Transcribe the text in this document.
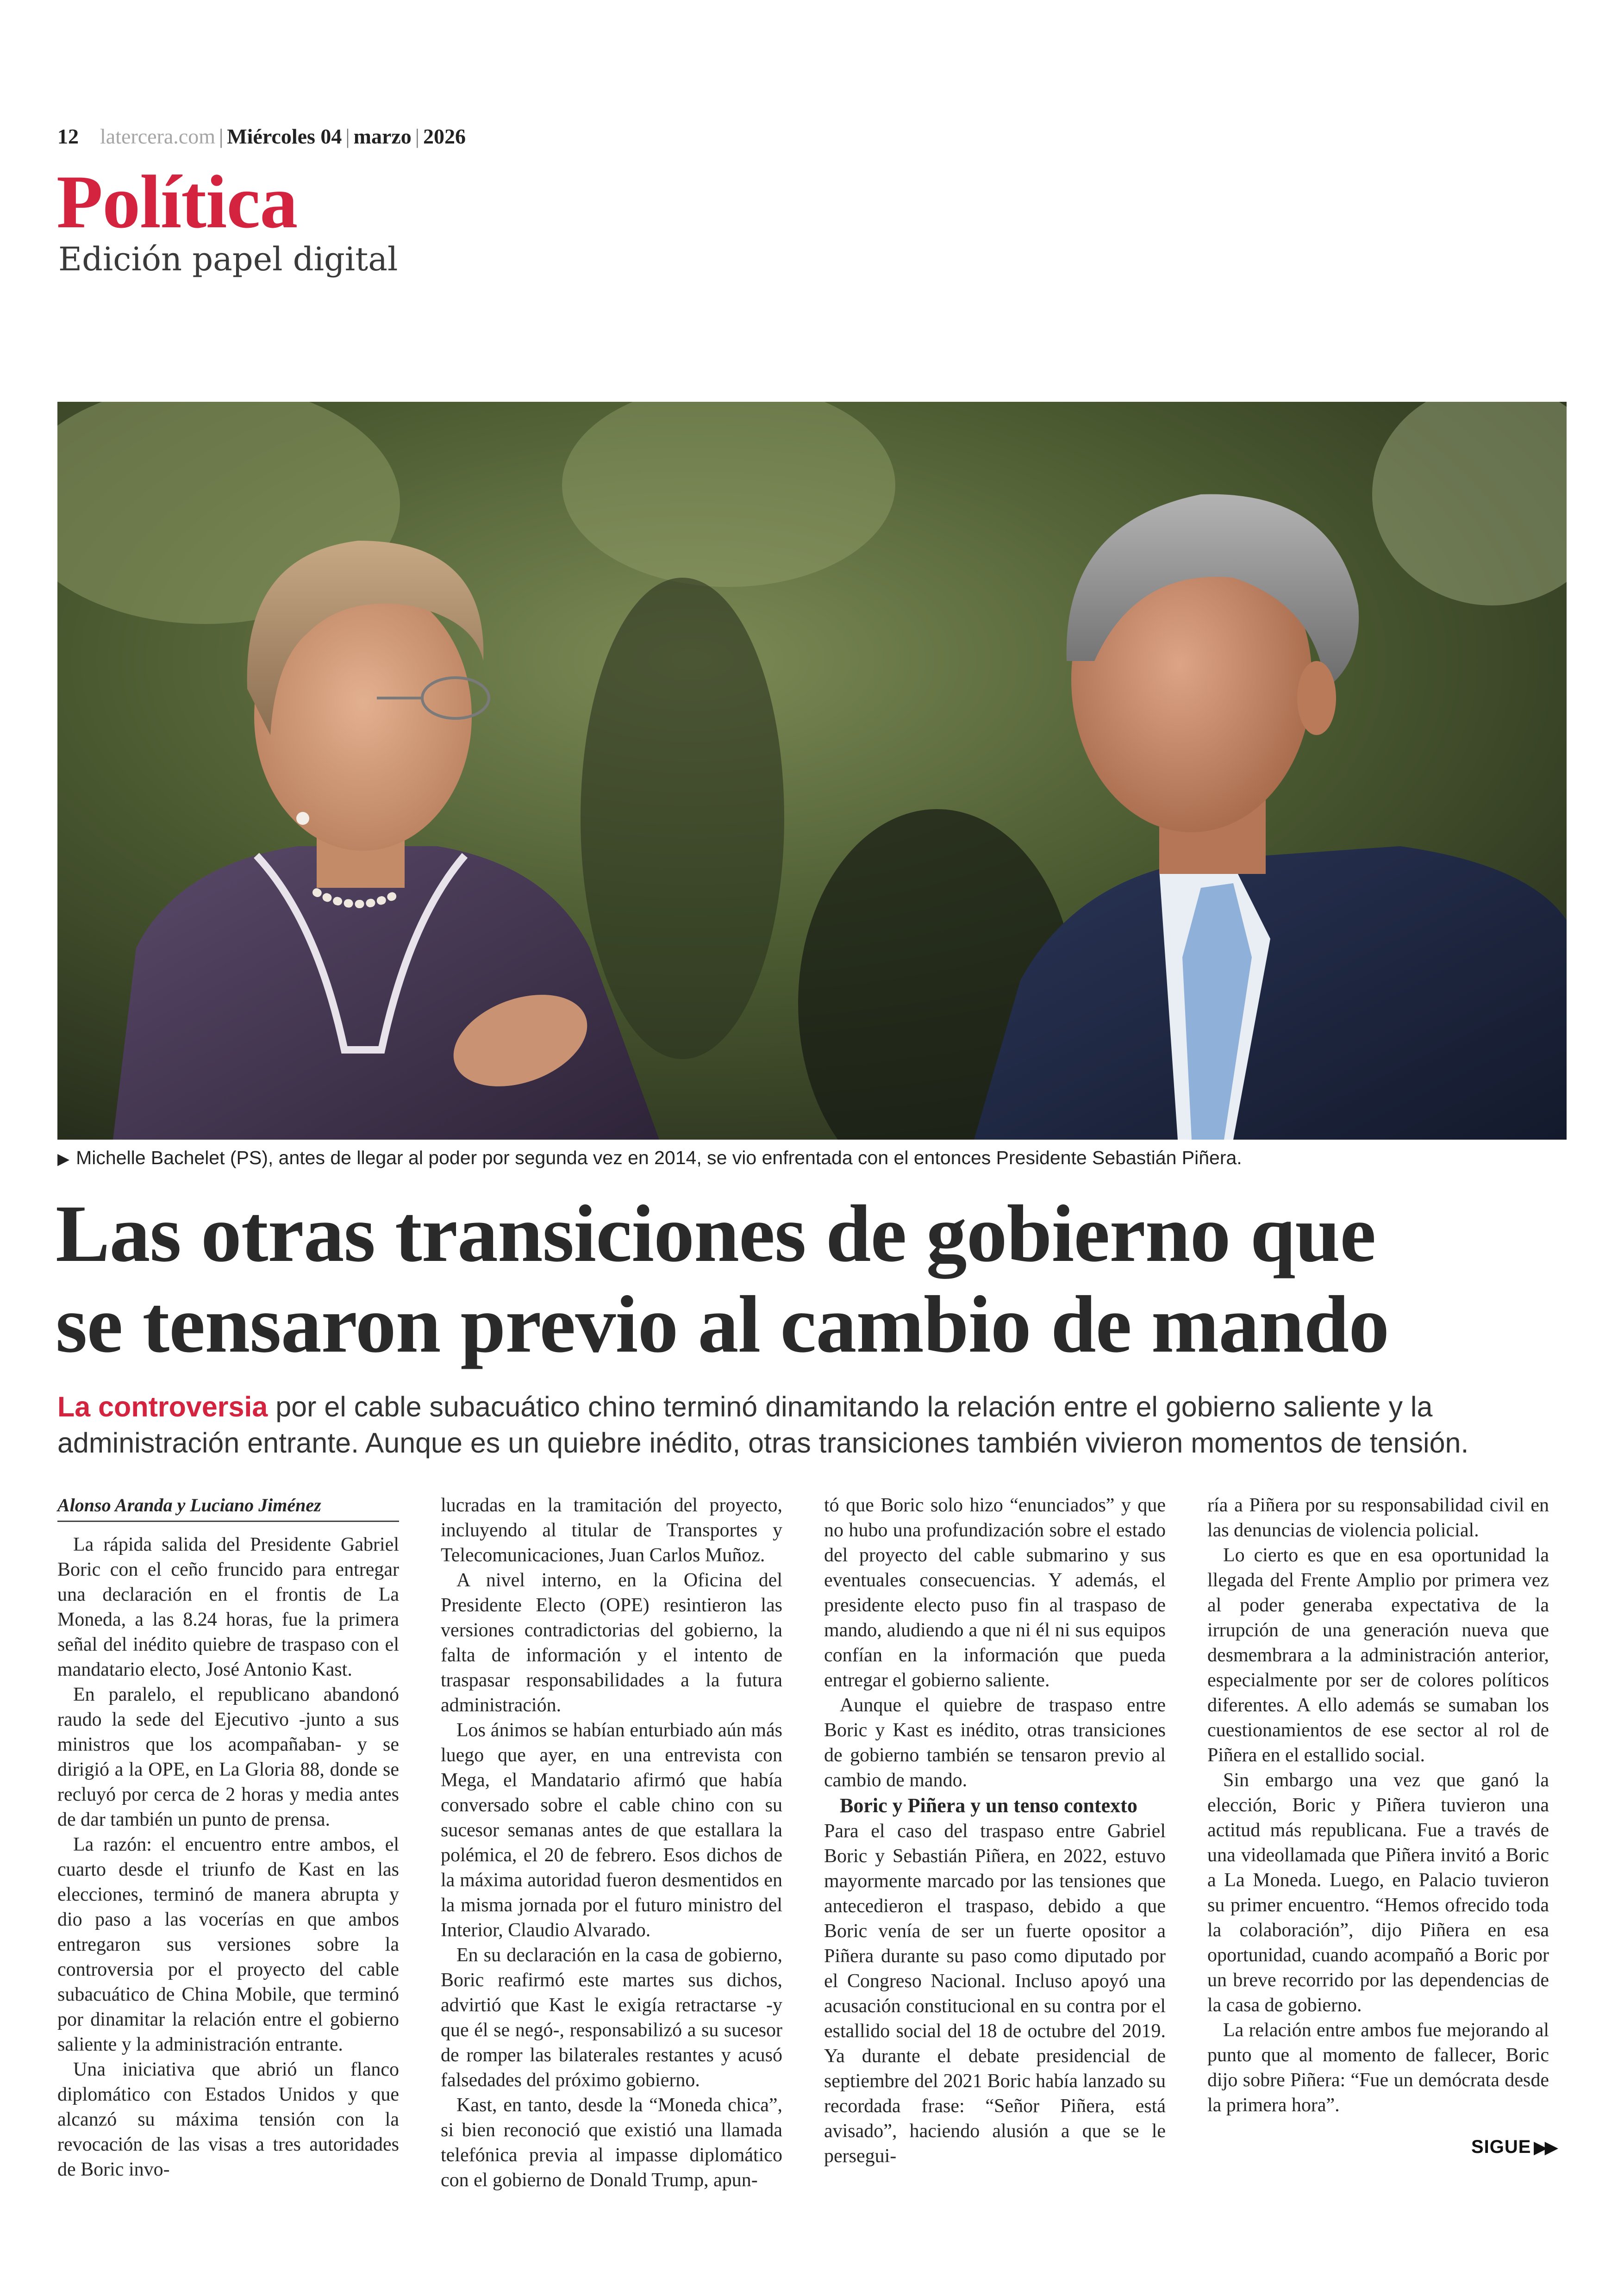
12 latercera.com | Miércoles 04 | marzo | 2026
Política
Edición papel digital
▶ Michelle Bachelet (PS), antes de llegar al poder por segunda vez en 2014, se vio enfrentada con el entonces Presidente Sebastián Piñera.
Las otras transiciones de gobierno que
se tensaron previo al cambio de mando
La controversia por el cable subacuático chino terminó dinamitando la relación entre el gobierno saliente y la administración entrante. Aunque es un quiebre inédito, otras transiciones también vivieron momentos de tensión.
Alonso Aranda y Luciano Jiménez

La rápida salida del Presidente Gabriel Boric con el ceño fruncido para entregar una declaración en el frontis de La Moneda, a las 8.24 horas, fue la primera señal del inédito quiebre de traspaso con el mandatario electo, José Antonio Kast.

En paralelo, el republicano abandonó raudo la sede del Ejecutivo -junto a sus ministros que los acompañaban- y se dirigió a la OPE, en La Gloria 88, donde se recluyó por cerca de 2 horas y media antes de dar también un punto de prensa.

La razón: el encuentro entre ambos, el cuarto desde el triunfo de Kast en las elecciones, terminó de manera abrupta y dio paso a las vocerías en que ambos entregaron sus versiones sobre la controversia por el proyecto del cable subacuático de China Mobile, que terminó por dinamitar la relación entre el gobierno saliente y la administración entrante.

Una iniciativa que abrió un flanco diplomático con Estados Unidos y que alcanzó su máxima tensión con la revocación de las visas a tres autoridades de Boric invo-

lucradas en la tramitación del proyecto, incluyendo al titular de Transportes y Telecomunicaciones, Juan Carlos Muñoz.

A nivel interno, en la Oficina del Presidente Electo (OPE) resintieron las versiones contradictorias del gobierno, la falta de información y el intento de traspasar responsabilidades a la futura administración.

Los ánimos se habían enturbiado aún más luego que ayer, en una entrevista con Mega, el Mandatario afirmó que había conversado sobre el cable chino con su sucesor semanas antes de que estallara la polémica, el 20 de febrero. Esos dichos de la máxima autoridad fueron desmentidos en la misma jornada por el futuro ministro del Interior, Claudio Alvarado.

En su declaración en la casa de gobierno, Boric reafirmó este martes sus dichos, advirtió que Kast le exigía retractarse -y que él se negó-, responsabilizó a su sucesor de romper las bilaterales restantes y acusó falsedades del próximo gobierno.

Kast, en tanto, desde la “Moneda chica”, si bien reconoció que existió una llamada telefónica previa al impasse diplomático con el gobierno de Donald Trump, apun-

tó que Boric solo hizo “enunciados” y que no hubo una profundización sobre el estado del proyecto del cable submarino y sus eventuales consecuencias. Y además, el presidente electo puso fin al traspaso de mando, aludiendo a que ni él ni sus equipos confían en la información que pueda entregar el gobierno saliente.

Aunque el quiebre de traspaso entre Boric y Kast es inédito, otras transiciones de gobierno también se tensaron previo al cambio de mando.

Boric y Piñera y un tenso contexto

Para el caso del traspaso entre Gabriel Boric y Sebastián Piñera, en 2022, estuvo mayormente marcado por las tensiones que antecedieron el traspaso, debido a que Boric venía de ser un fuerte opositor a Piñera durante su paso como diputado por el Congreso Nacional. Incluso apoyó una acusación constitucional en su contra por el estallido social del 18 de octubre del 2019. Ya durante el debate presidencial de septiembre del 2021 Boric había lanzado su recordada frase: “Señor Piñera, está avisado”, haciendo alusión a que se le persegui-

ría a Piñera por su responsabilidad civil en las denuncias de violencia policial.

Lo cierto es que en esa oportunidad la llegada del Frente Amplio por primera vez al poder generaba expectativa de la irrupción de una generación nueva que desmembrara a la administración anterior, especialmente por ser de colores políticos diferentes. A ello además se sumaban los cuestionamientos de ese sector al rol de Piñera en el estallido social.

Sin embargo una vez que ganó la elección, Boric y Piñera tuvieron una actitud más republicana. Fue a través de una videollamada que Piñera invitó a Boric a La Moneda. Luego, en Palacio tuvieron su primer encuentro. “Hemos ofrecido toda la colaboración”, dijo Piñera en esa oportunidad, cuando acompañó a Boric por un breve recorrido por las dependencias de la casa de gobierno.

La relación entre ambos fue mejorando al punto que al momento de fallecer, Boric dijo sobre Piñera: “Fue un demócrata desde la primera hora”.

SIGUE ▶▶
